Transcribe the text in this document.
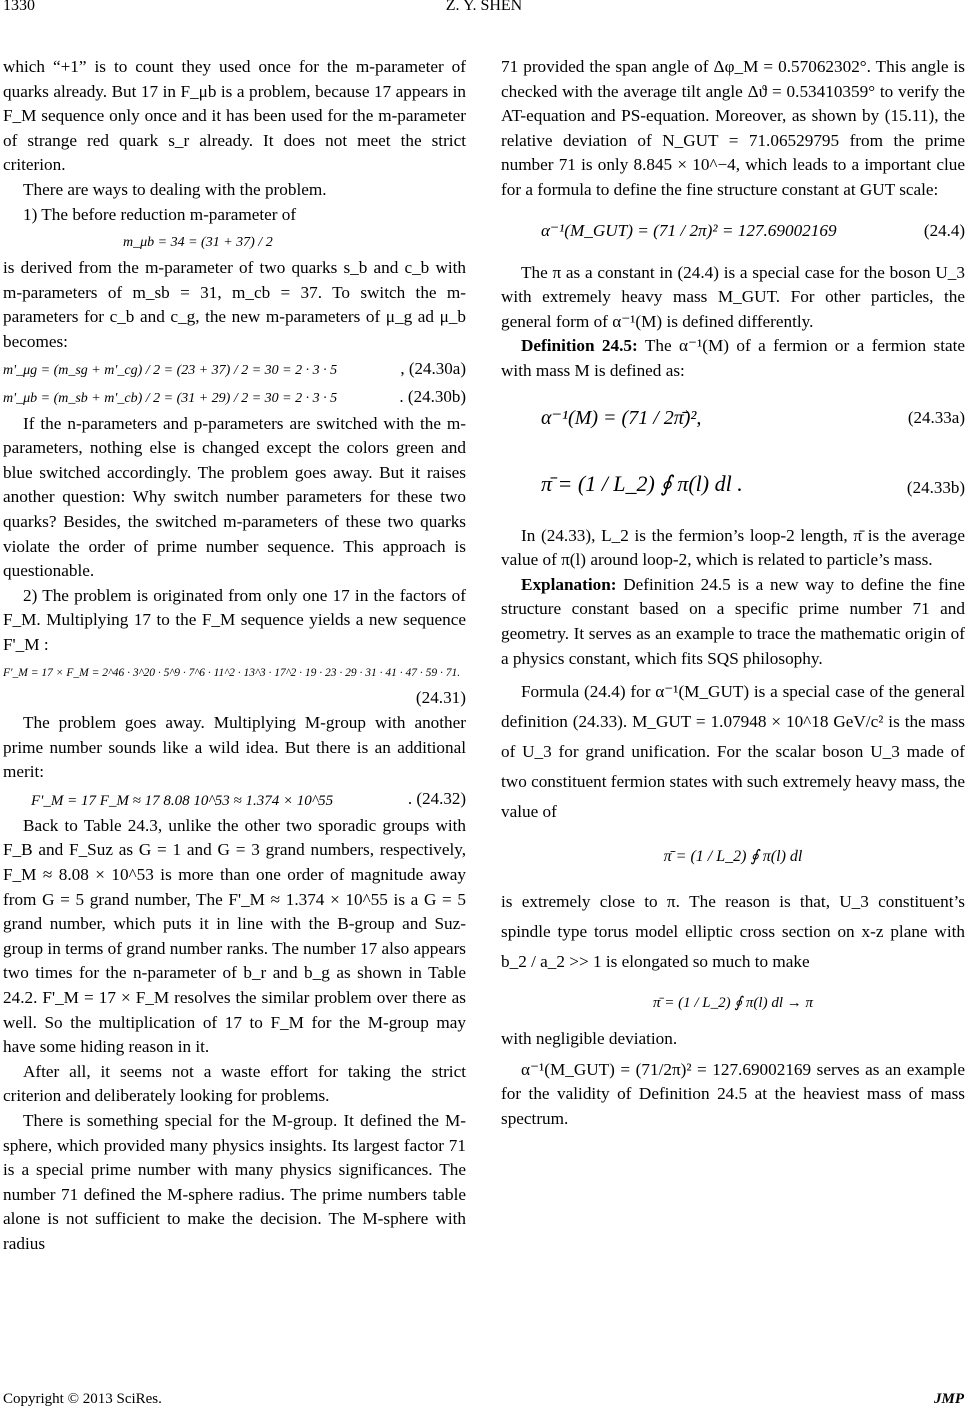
1330	Z. Y. SHEN

which “+1” is to count they used once for the m-parameter of quarks already. But 17 in F_μb is a problem, because 17 appears in F_M sequence only once and it has been used for the m-parameter of strange red quark s_r already. It does not meet the strict criterion.

There are ways to dealing with the problem.

1) The before reduction m-parameter of

m_μb = 34 = (31 + 37) / 2

is derived from the m-parameter of two quarks s_b and c_b with m-parameters of m_sb = 31, m_cb = 37. To switch the m-parameters for c_b and c_g, the new m-parameters of μ_g ad μ_b becomes:

m'_μg = (m_sg + m'_cg) / 2 = (23 + 37) / 2 = 30 = 2 · 3 · 5	, (24.30a)
m'_μb = (m_sb + m'_cb) / 2 = (31 + 29) / 2 = 30 = 2 · 3 · 5	. (24.30b)

If the n-parameters and p-parameters are switched with the m-parameters, nothing else is changed except the colors green and blue switched accordingly. The problem goes away. But it raises another question: Why switch number parameters for these two quarks? Besides, the switched m-parameters of these two quarks violate the order of prime number sequence. This approach is questionable.

2) The problem is originated from only one 17 in the factors of F_M. Multiplying 17 to the F_M sequence yields a new sequence F'_M :

F'_M = 17 × F_M = 2^46 · 3^20 · 5^9 · 7^6 · 11^2 · 13^3 · 17^2 · 19 · 23 · 29 · 31 · 41 · 47 · 59 · 71.
(24.31)

The problem goes away. Multiplying M-group with another prime number sounds like a wild idea. But there is an additional merit:

F'_M = 17 F_M ≈ 17 8.08 10^53 ≈ 1.374 × 10^55	. (24.32)

Back to Table 24.3, unlike the other two sporadic groups with F_B and F_Suz as G = 1 and G = 3 grand numbers, respectively, F_M ≈ 8.08 × 10^53 is more than one order of magnitude away from G = 5 grand number, The F'_M ≈ 1.374 × 10^55 is a G = 5 grand number, which puts it in line with the B-group and Suz-group in terms of grand number ranks. The number 17 also appears two times for the n-parameter of b_r and b_g as shown in Table 24.2. F'_M = 17 × F_M resolves the similar problem over there as well. So the multiplication of 17 to F_M for the M-group may have some hiding reason in it.

After all, it seems not a waste effort for taking the strict criterion and deliberately looking for problems.

There is something special for the M-group. It defined the M-sphere, which provided many physics insights. Its largest factor 71 is a special prime number with many physics significances. The number 71 defined the M-sphere radius. The prime numbers table alone is not sufficient to make the decision. The M-sphere with radius

71 provided the span angle of Δφ_M = 0.57062302°. This angle is checked with the average tilt angle Δϑ = 0.53410359° to verify the AT-equation and PS-equation. Moreover, as shown by (15.11), the relative deviation of N_GUT = 71.06529795 from the prime number 71 is only 8.845 × 10^−4, which leads to a important clue for a formula to define the fine structure constant at GUT scale:

α⁻¹(M_GUT) = (71 / 2π)² = 127.69002169	(24.4)

The π as a constant in (24.4) is a special case for the boson U_3 with extremely heavy mass M_GUT. For other particles, the general form of α⁻¹(M) is defined differently.

Definition 24.5: The α⁻¹(M) of a fermion or a fermion state with mass M is defined as:

α⁻¹(M) = (71 / 2π̄)²,	(24.33a)
π̄ = (1 / L_2) ∮ π(l) dl .	(24.33b)

In (24.33), L_2 is the fermion’s loop-2 length, π̄ is the average value of π(l) around loop-2, which is related to particle’s mass.

Explanation: Definition 24.5 is a new way to define the fine structure constant based on a specific prime number 71 and geometry. It serves as an example to trace the mathematic origin of a physics constant, which fits SQS philosophy.

Formula (24.4) for α⁻¹(M_GUT) is a special case of the general definition (24.33). M_GUT = 1.07948 × 10^18 GeV/c² is the mass of U_3 for grand unification. For the scalar boson U_3 made of two constituent fermion states with such extremely heavy mass, the value of

π̄ = (1 / L_2) ∮ π(l) dl

is extremely close to π. The reason is that, U_3 constituent’s spindle type torus model elliptic cross section on x-z plane with b_2 / a_2 >> 1 is elongated so much to make

π̄ = (1 / L_2) ∮ π(l) dl → π

with negligible deviation.

α⁻¹(M_GUT) = (71/2π)² = 127.69002169 serves as an example for the validity of Definition 24.5 at the heaviest mass of mass spectrum.

Copyright © 2013 SciRes.	JMP
